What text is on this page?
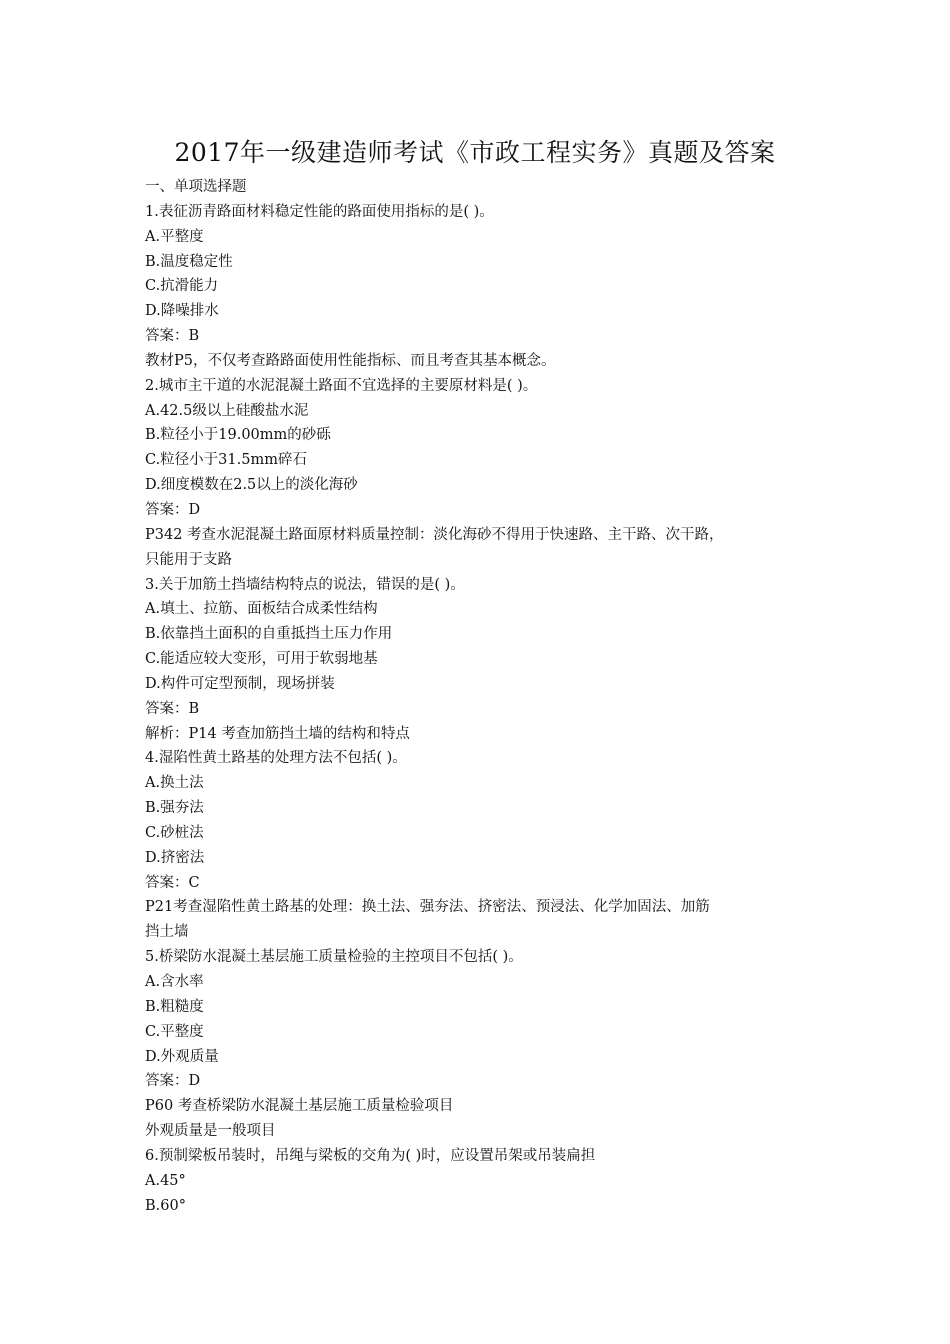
2017年一级建造师考试《市政工程实务》真题及答案
一、单项选择题
1.表征沥青路面材料稳定性能的路面使用指标的是( )。
A.平整度
B.温度稳定性
C.抗滑能力
D.降噪排水
答案：B
教材P5，不仅考查路路面使用性能指标、而且考查其基本概念。
2.城市主干道的水泥混凝土路面不宜选择的主要原材料是( )。
A.42.5级以上硅酸盐水泥
B.粒径小于19.00mm的砂砾
C.粒径小于31.5mm碎石
D.细度模数在2.5以上的淡化海砂
答案：D
P342 考查水泥混凝土路面原材料质量控制：淡化海砂不得用于快速路、主干路、次干路，
只能用于支路
3.关于加筋土挡墙结构特点的说法，错误的是( )。
A.填土、拉筋、面板结合成柔性结构
B.依靠挡土面积的自重抵挡土压力作用
C.能适应较大变形，可用于软弱地基
D.构件可定型预制，现场拼装
答案：B
解析：P14 考查加筋挡土墙的结构和特点
4.湿陷性黄土路基的处理方法不包括( )。
A.换土法
B.强夯法
C.砂桩法
D.挤密法
答案：C
P21考查湿陷性黄土路基的处理：换土法、强夯法、挤密法、预浸法、化学加固法、加筋
挡土墙
5.桥梁防水混凝土基层施工质量检验的主控项目不包括( )。
A.含水率
B.粗糙度
C.平整度
D.外观质量
答案：D
P60 考查桥梁防水混凝土基层施工质量检验项目
外观质量是一般项目
6.预制梁板吊装时，吊绳与梁板的交角为( )时，应设置吊架或吊装扁担
A.45°
B.60°
